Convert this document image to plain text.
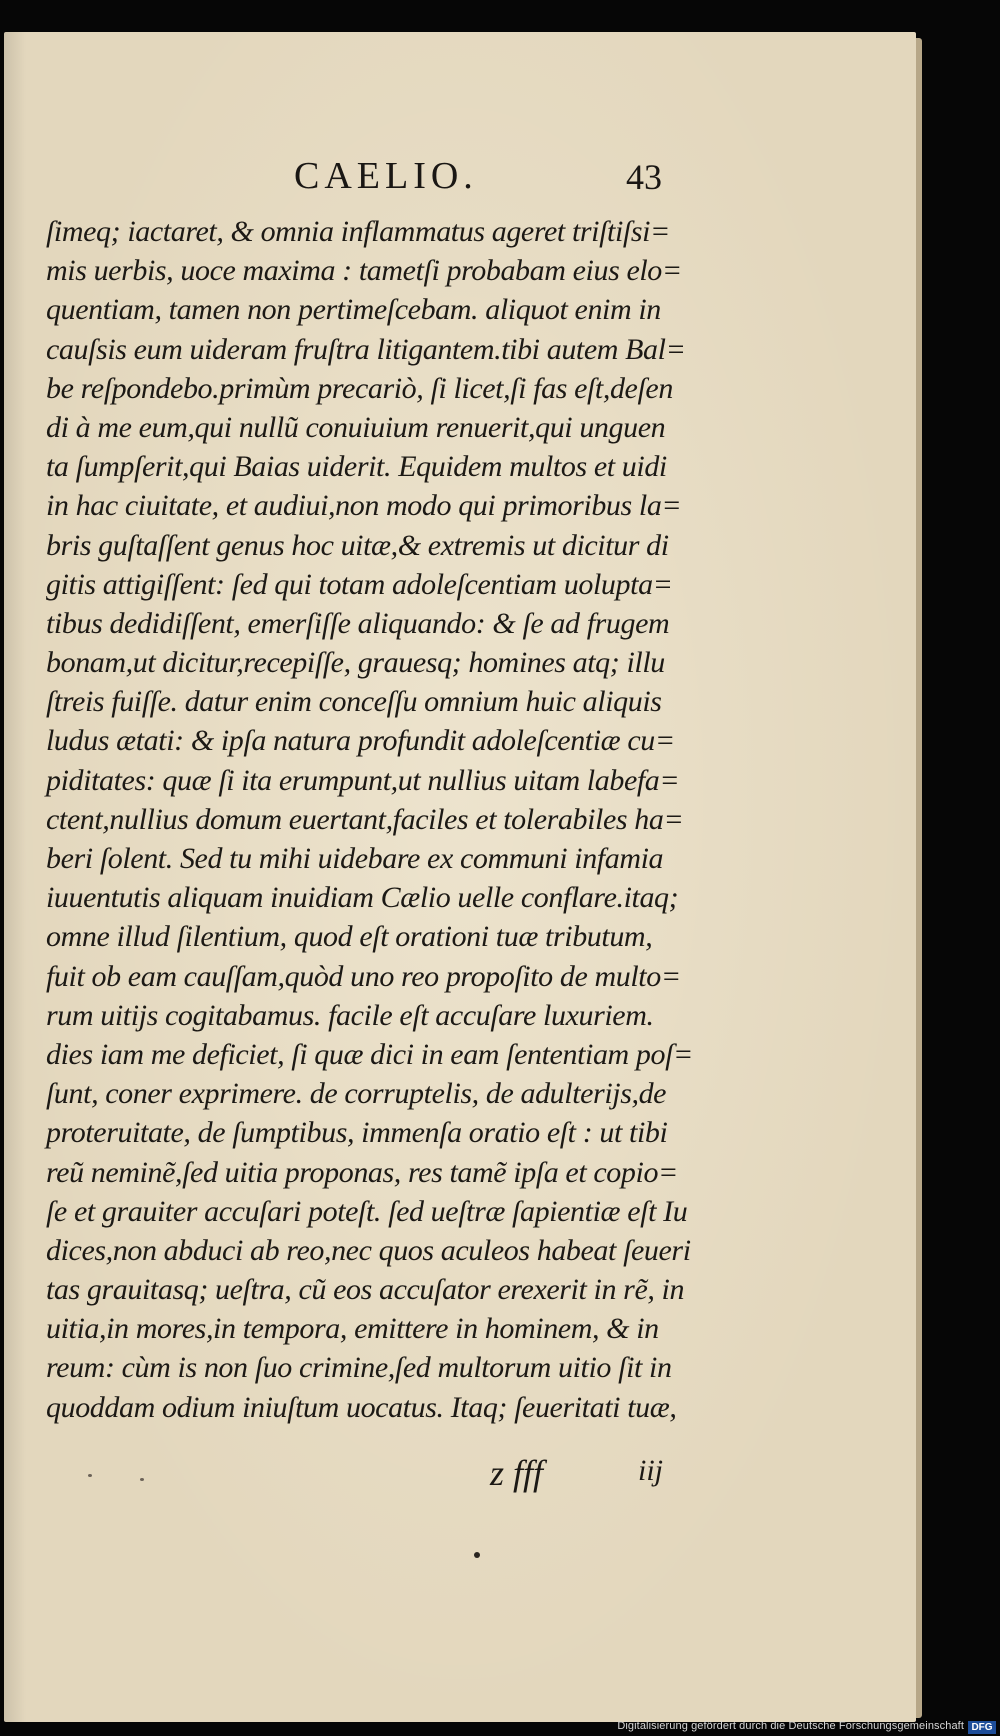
CAELIO.	43
ſimeq; iactaret, & omnia inflammatus ageret triſtiſsi=
mis uerbis, uoce maxima : tametſi probabam eius elo=
quentiam, tamen non pertimeſcebam. aliquot enim in
cauſsis eum uideram fruſtra litigantem.tibi autem Bal=
be reſpondebo.primùm precariò, ſi licet,ſi fas eſt,deſen
di à me eum,qui nullũ conuiuium renuerit,qui unguen
ta ſumpſerit,qui Baias uiderit. Equidem multos et uidi
in hac ciuitate, et audiui,non modo qui primoribus la=
bris guſtaſſent genus hoc uitæ,& extremis ut dicitur di
gitis attigiſſent: ſed qui totam adoleſcentiam uolupta=
tibus dedidiſſent, emerſiſſe aliquando: & ſe ad frugem
bonam,ut dicitur,recepiſſe, grauesq; homines atq; illu
ſtreis fuiſſe. datur enim conceſſu omnium huic aliquis
ludus ætati: & ipſa natura profundit adoleſcentiæ cu=
piditates: quæ ſi ita erumpunt,ut nullius uitam labefa=
ctent,nullius domum euertant,faciles et tolerabiles ha=
beri ſolent. Sed tu mihi uidebare ex communi infamia
iuuentutis aliquam inuidiam Cælio uelle conflare.itaq;
omne illud ſilentium, quod eſt orationi tuæ tributum,
fuit ob eam cauſſam,quòd uno reo propoſito de multo=
rum uitijs cogitabamus. facile eſt accuſare luxuriem.
dies iam me deficiet, ſi quæ dici in eam ſententiam poſ=
ſunt, coner exprimere. de corruptelis, de adulterijs,de
proteruitate, de ſumptibus, immenſa oratio eſt : ut tibi
reũ neminẽ,ſed uitia proponas, res tamẽ ipſa et copio=
ſe et grauiter accuſari poteſt. ſed ueſtræ ſapientiæ eſt Iu
dices,non abduci ab reo,nec quos aculeos habeat ſeueri
tas grauitasq; ueſtra, cũ eos accuſator erexerit in rẽ, in
uitia,in mores,in tempora, emittere in hominem, & in
reum: cùm is non ſuo crimine,ſed multorum uitio ſit in
quoddam odium iniuſtum uocatus. Itaq; ſeueritati tuæ,
z fff	iij
Digitalisierung gefördert durch die Deutsche Forschungsgemeinschaft DFG
